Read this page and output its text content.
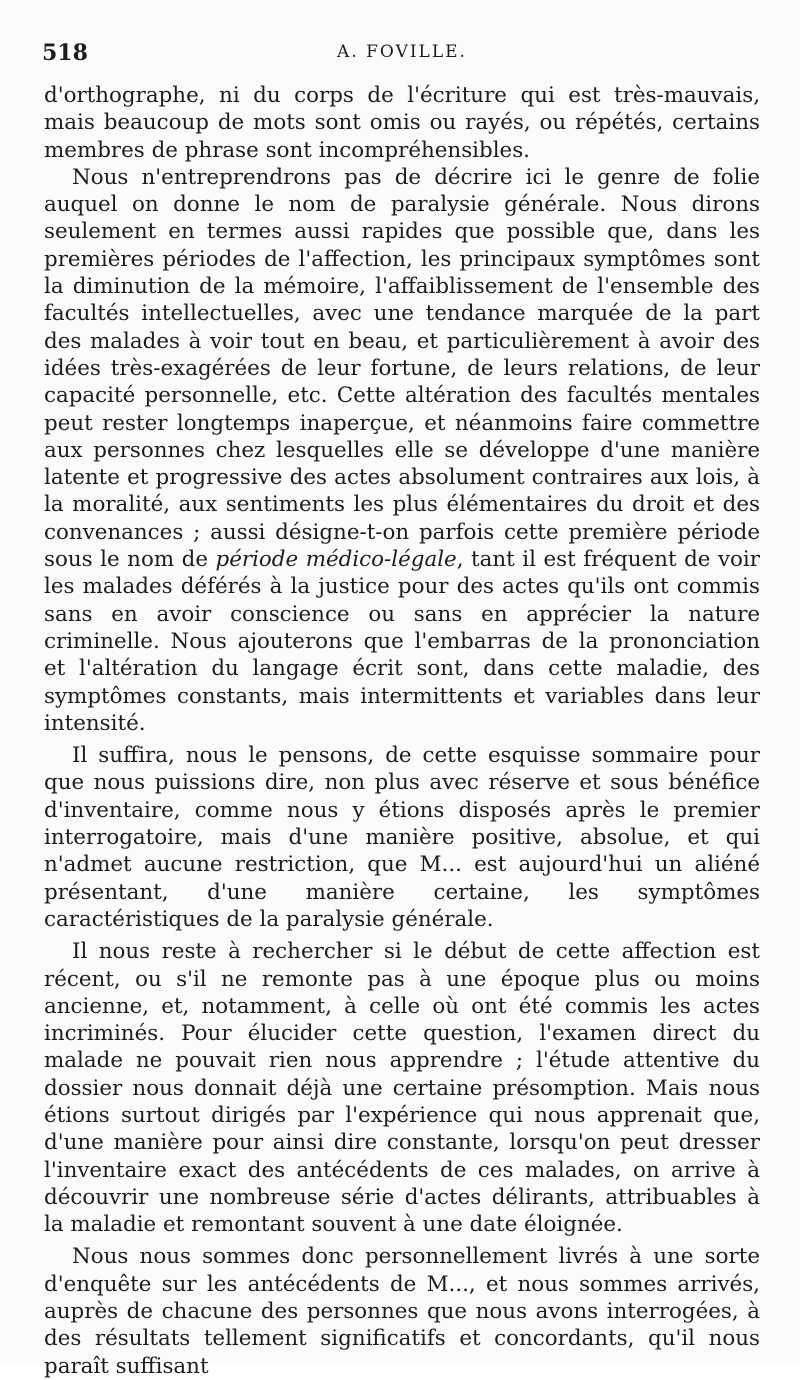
518	A. FOVILLE.

d'orthographe, ni du corps de l'écriture qui est très-mauvais, mais beaucoup de mots sont omis ou rayés, ou répétés, certains membres de phrase sont incompréhensibles.

Nous n'entreprendrons pas de décrire ici le genre de folie auquel on donne le nom de paralysie générale. Nous dirons seulement en termes aussi rapides que possible que, dans les premières périodes de l'affection, les principaux symptômes sont la diminution de la mémoire, l'affaiblissement de l'ensemble des facultés intellectuelles, avec une tendance marquée de la part des malades à voir tout en beau, et particulièrement à avoir des idées très-exagérées de leur fortune, de leurs relations, de leur capacité personnelle, etc. Cette altération des facultés mentales peut rester longtemps inaperçue, et néanmoins faire commettre aux personnes chez lesquelles elle se développe d'une manière latente et progressive des actes absolument contraires aux lois, à la moralité, aux sentiments les plus élémentaires du droit et des convenances ; aussi désigne-t-on parfois cette première période sous le nom de période médico-légale, tant il est fréquent de voir les malades déférés à la justice pour des actes qu'ils ont commis sans en avoir conscience ou sans en apprécier la nature criminelle. Nous ajouterons que l'embarras de la prononciation et l'altération du langage écrit sont, dans cette maladie, des symptômes constants, mais intermittents et variables dans leur intensité.

Il suffira, nous le pensons, de cette esquisse sommaire pour que nous puissions dire, non plus avec réserve et sous bénéfice d'inventaire, comme nous y étions disposés après le premier interrogatoire, mais d'une manière positive, absolue, et qui n'admet aucune restriction, que M... est aujourd'hui un aliéné présentant, d'une manière certaine, les symptômes caractéristiques de la paralysie générale.

Il nous reste à rechercher si le début de cette affection est récent, ou s'il ne remonte pas à une époque plus ou moins ancienne, et, notamment, à celle où ont été commis les actes incriminés. Pour élucider cette question, l'examen direct du malade ne pouvait rien nous apprendre ; l'étude attentive du dossier nous donnait déjà une certaine présomption. Mais nous étions surtout dirigés par l'expérience qui nous apprenait que, d'une manière pour ainsi dire constante, lorsqu'on peut dresser l'inventaire exact des antécédents de ces malades, on arrive à découvrir une nombreuse série d'actes délirants, attribuables à la maladie et remontant souvent à une date éloignée.

Nous nous sommes donc personnellement livrés à une sorte d'enquête sur les antécédents de M..., et nous sommes arrivés, auprès de chacune des personnes que nous avons interrogées, à des résultats tellement significatifs et concordants, qu'il nous paraît suffisant
